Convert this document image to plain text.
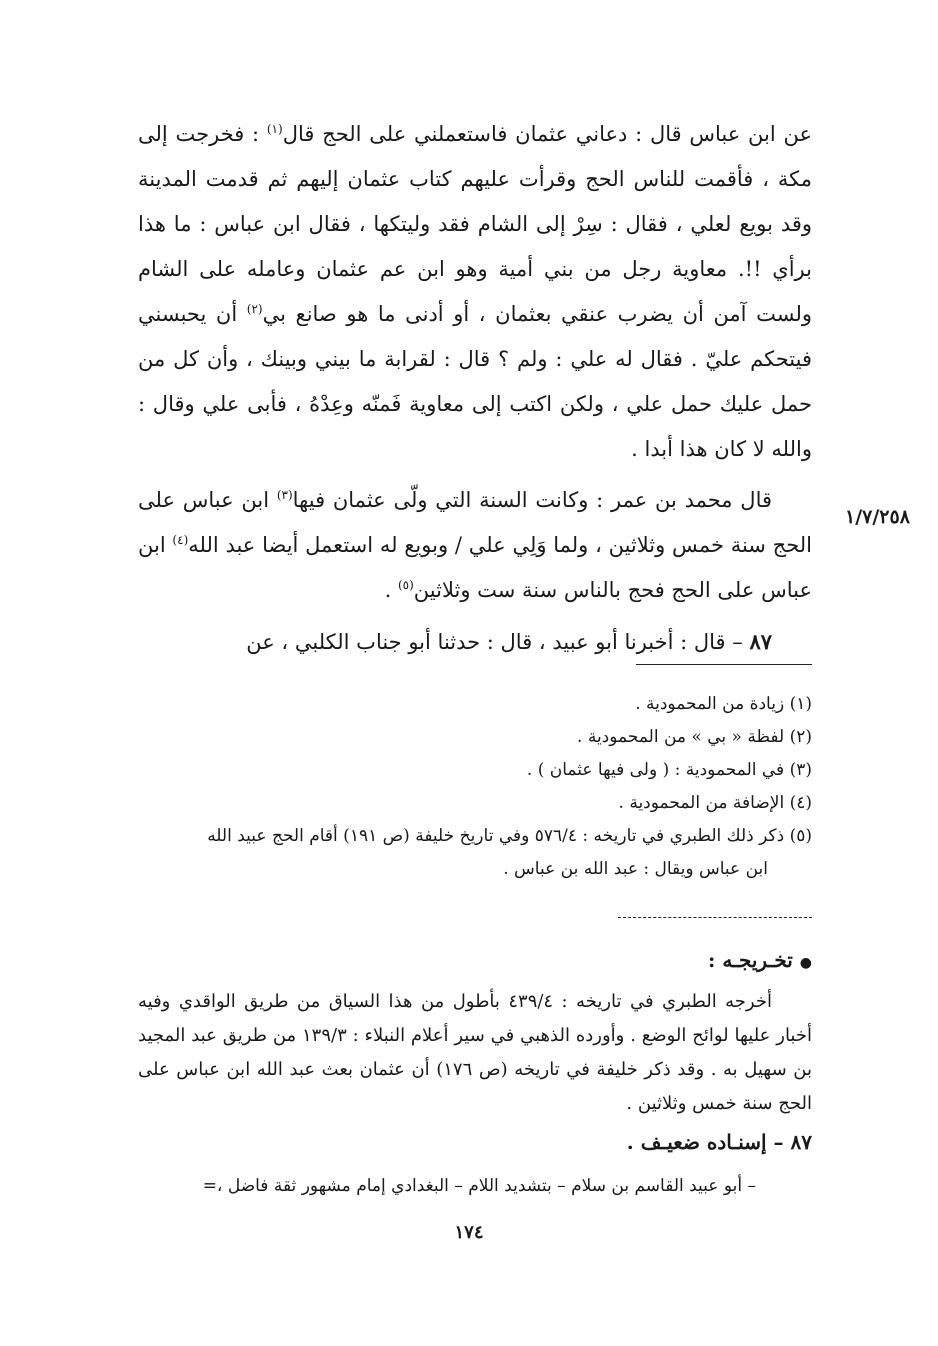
عن ابن عباس قال : دعاني عثمان فاستعملني على الحج قال$^{(١)}$ : فخرجت إلى مكة ، فأقمت للناس الحج وقرأت عليهم كتاب عثمان إليهم ثم قدمت المدينة وقد بويع لعلي ، فقال : سِرْ إلى الشام فقد وليتكها ، فقال ابن عباس : ما هذا برأي !!. معاوية رجل من بني أمية وهو ابن عم عثمان وعامله على الشام ولست آمن أن يضرب عنقي بعثمان ، أو أدنى ما هو صانع بي$^{(٢)}$ أن يحبسني فيتحكم عليّ . فقال له علي : ولم ؟ قال : لقرابة ما بيني وبينك ، وأن كل من حمل عليك حمل علي ، ولكن اكتب إلى معاوية فَمنّه وعِدْهُ ، فأبى علي وقال : والله لا كان هذا أبدا .

قال محمد بن عمر : وكانت السنة التي ولّى عثمان فيها$^{(٣)}$ ابن عباس على الحج سنة خمس وثلاثين ، ولما وَلِي علي / وبويع له استعمل أيضا عبد الله$^{(٤)}$ ابن عباس على الحج فحج بالناس سنة ست وثلاثين$^{(٥)}$ .

٨٧ – قال : أخبرنا أبو عبيد ، قال : حدثنا أبو جناب الكلبي ، عن

١/٧/٢٥٨

(١) زيادة من المحمودية .

(٢) لفظة « بي » من المحمودية .

(٣) في المحمودية : ( ولى فيها عثمان ) .

(٤) الإضافة من المحمودية .

(٥) ذكر ذلك الطبري في تاريخه : ٥٧٦/٤ وفي تاريخ خليفة (ص ١٩١) أقام الحج عبيد الله

ابن عباس ويقال : عبد الله بن عباس .

● تخـريجـه :

أخرجه الطبري في تاريخه : ٤٣٩/٤ بأطول من هذا السياق من طريق الواقدي وفيه أخبار عليها لوائح الوضع . وأورده الذهبي في سير أعلام النبلاء : ١٣٩/٣ من طريق عبد المجيد بن سهيل به . وقد ذكر خليفة في تاريخه (ص ١٧٦) أن عثمان بعث عبد الله ابن عباس على الحج سنة خمس وثلاثين .

٨٧ – إسنـاده ضعيـف .

– أبو عبيد القاسم بن سلام – بتشديد اللام – البغدادي إمام مشهور ثقة فاضل ،=

١٧٤
